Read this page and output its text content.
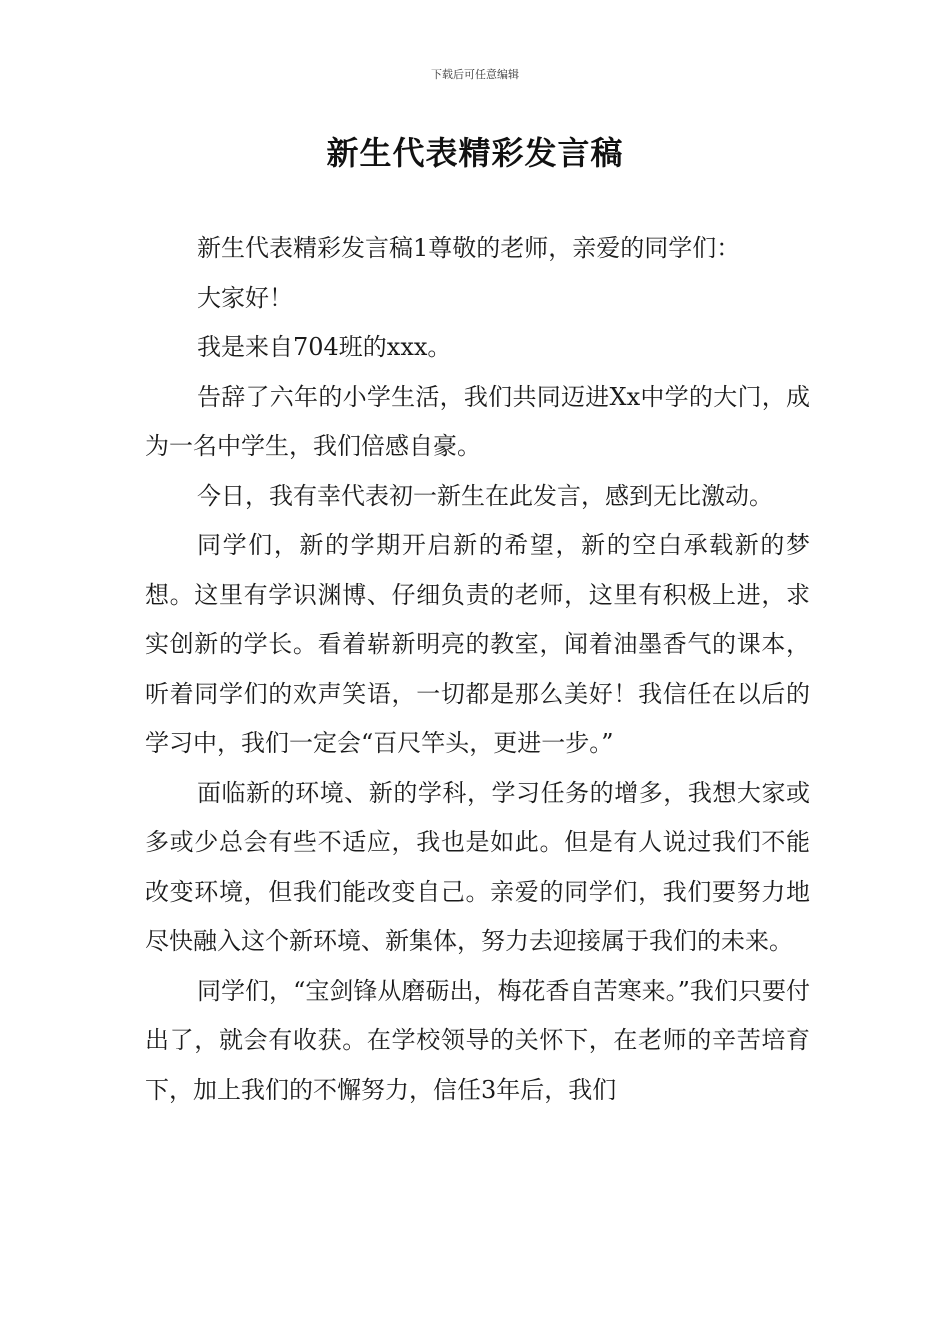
下载后可任意编辑
新生代表精彩发言稿

新生代表精彩发言稿1尊敬的老师，亲爱的同学们：

大家好！

我是来自704班的xxx。

告辞了六年的小学生活，我们共同迈进Xx中学的大门，成为一名中学生，我们倍感自豪。

今日，我有幸代表初一新生在此发言，感到无比激动。

同学们，新的学期开启新的希望，新的空白承载新的梦想。这里有学识渊博、仔细负责的老师，这里有积极上进，求实创新的学长。看着崭新明亮的教室，闻着油墨香气的课本，听着同学们的欢声笑语，一切都是那么美好！我信任在以后的学习中，我们一定会“百尺竿头，更进一步。”

面临新的环境、新的学科，学习任务的增多，我想大家或多或少总会有些不适应，我也是如此。但是有人说过我们不能改变环境，但我们能改变自己。亲爱的同学们，我们要努力地尽快融入这个新环境、新集体，努力去迎接属于我们的未来。

同学们，“宝剑锋从磨砺出，梅花香自苦寒来。”我们只要付出了，就会有收获。在学校领导的关怀下，在老师的辛苦培育下，加上我们的不懈努力，信任3年后，我们
